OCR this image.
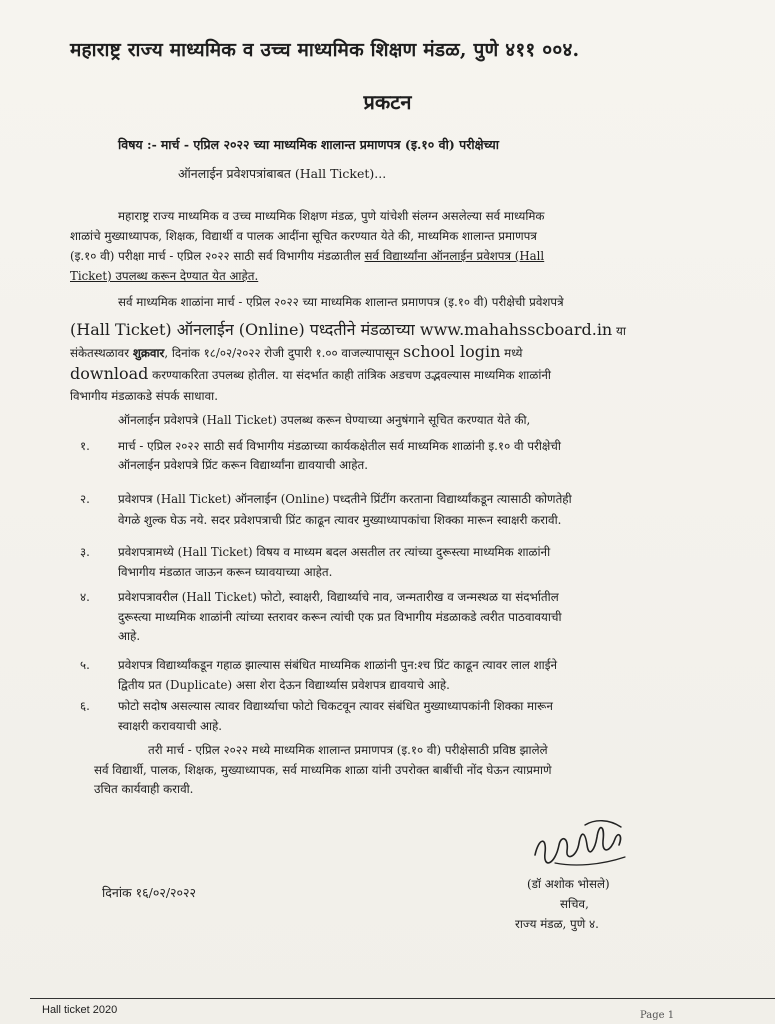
महाराष्ट्र राज्य माध्यमिक व उच्च माध्यमिक शिक्षण मंडळ, पुणे ४११ ००४.
प्रकटन
विषय :- मार्च - एप्रिल २०२२ च्या माध्यमिक शालान्त प्रमाणपत्र (इ.१० वी) परीक्षेच्या
ऑनलाईन प्रवेशपत्रांबाबत (Hall Ticket)...
महाराष्ट्र राज्य माध्यमिक व उच्च माध्यमिक शिक्षण मंडळ, पुणे यांचेशी संलग्न असलेल्या सर्व माध्यमिक
शाळांचे मुख्याध्यापक, शिक्षक, विद्यार्थी व पालक आदींना सूचित करण्यात येते की, माध्यमिक शालान्त प्रमाणपत्र
(इ.१० वी) परीक्षा मार्च - एप्रिल २०२२ साठी सर्व विभागीय मंडळातील सर्व विद्यार्थ्यांना ऑनलाईन प्रवेशपत्र (Hall
Ticket) उपलब्ध करून देण्यात येत आहेत.
सर्व माध्यमिक शाळांना मार्च - एप्रिल २०२२ च्या माध्यमिक शालान्त प्रमाणपत्र (इ.१० वी) परीक्षेची प्रवेशपत्रे
(Hall Ticket) ऑनलाईन (Online) पध्दतीने मंडळाच्या www.mahahsscboard.in या
संकेतस्थळावर शुक्रवार, दिनांक १८/०२/२०२२ रोजी दुपारी १.०० वाजल्यापासून school login मध्ये
download करण्याकरिता उपलब्ध होतील. या संदर्भात काही तांत्रिक अडचण उद्भवल्यास माध्यमिक शाळांनी
विभागीय मंडळाकडे संपर्क साधावा.
ऑनलाईन प्रवेशपत्रे (Hall Ticket) उपलब्ध करून घेण्याच्या अनुषंगाने सूचित करण्यात येते की,
१. मार्च - एप्रिल २०२२ साठी सर्व विभागीय मंडळाच्या कार्यकक्षेतील सर्व माध्यमिक शाळांनी इ.१० वी परीक्षेची
ऑनलाईन प्रवेशपत्रे प्रिंट करून विद्यार्थ्यांना द्यावयाची आहेत.
२. प्रवेशपत्र (Hall Ticket) ऑनलाईन (Online) पध्दतीने प्रिंटींग करताना विद्यार्थ्यांकडून त्यासाठी कोणतेही
वेगळे शुल्क घेऊ नये. सदर प्रवेशपत्राची प्रिंट काढून त्यावर मुख्याध्यापकांचा शिक्का मारून स्वाक्षरी करावी.
३. प्रवेशपत्रामध्ये (Hall Ticket) विषय व माध्यम बदल असतील तर त्यांच्या दुरूस्त्या माध्यमिक शाळांनी
विभागीय मंडळात जाऊन करून घ्यावयाच्या आहेत.
४. प्रवेशपत्रावरील (Hall Ticket) फोटो, स्वाक्षरी, विद्यार्थ्याचे नाव, जन्मतारीख व जन्मस्थळ या संदर्भातील
दुरूस्त्या माध्यमिक शाळांनी त्यांच्या स्तरावर करून त्यांची एक प्रत विभागीय मंडळाकडे त्वरीत पाठवावयाची
आहे.
५. प्रवेशपत्र विद्यार्थ्यांकडून गहाळ झाल्यास संबंधित माध्यमिक शाळांनी पुन:श्च प्रिंट काढून त्यावर लाल शाईने
द्वितीय प्रत (Duplicate) असा शेरा देऊन विद्यार्थ्यास प्रवेशपत्र द्यावयाचे आहे.
६. फोटो सदोष असल्यास त्यावर विद्यार्थ्याचा फोटो चिकटवून त्यावर संबंधित मुख्याध्यापकांनी शिक्का मारून
स्वाक्षरी करावयाची आहे.
तरी मार्च - एप्रिल २०२२ मध्ये माध्यमिक शालान्त प्रमाणपत्र (इ.१० वी) परीक्षेसाठी प्रविष्ठ झालेले
सर्व विद्यार्थी, पालक, शिक्षक, मुख्याध्यापक, सर्व माध्यमिक शाळा यांनी उपरोक्त बाबींची नोंद घेऊन त्याप्रमाणे
उचित कार्यवाही करावी.
दिनांक १६/०२/२०२२
(डॉ अशोक भोसले)
सचिव,
राज्य मंडळ, पुणे ४.
Hall ticket 2020	Page 1
